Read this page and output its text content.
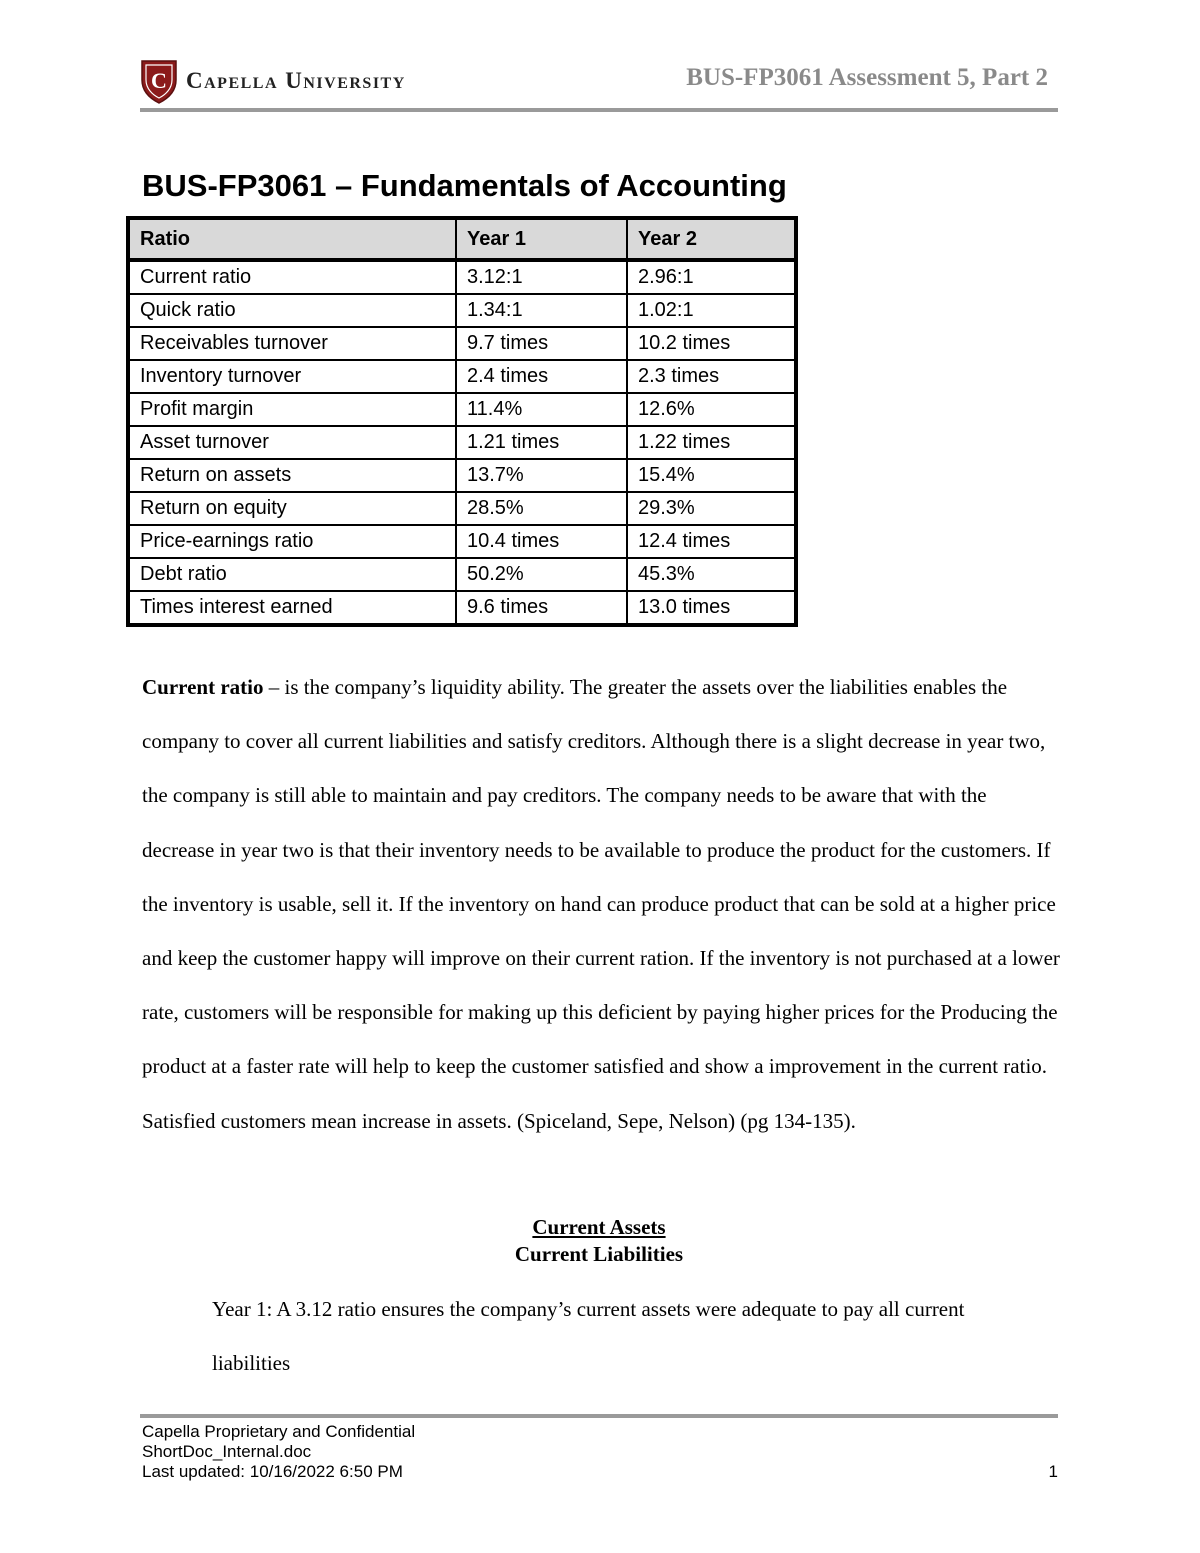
C Capella University	BUS-FP3061 Assessment 5, Part 2
BUS-FP3061 – Fundamentals of Accounting
Ratio	Year 1	Year 2
Current ratio	3.12:1	2.96:1
Quick ratio	1.34:1	1.02:1
Receivables turnover	9.7 times	10.2 times
Inventory turnover	2.4 times	2.3 times
Profit margin	11.4%	12.6%
Asset turnover	1.21 times	1.22 times
Return on assets	13.7%	15.4%
Return on equity	28.5%	29.3%
Price-earnings ratio	10.4 times	12.4 times
Debt ratio	50.2%	45.3%
Times interest earned	9.6 times	13.0 times
Current ratio – is the company’s liquidity ability. The greater the assets over the liabilities enables the company to cover all current liabilities and satisfy creditors. Although there is a slight decrease in year two, the company is still able to maintain and pay creditors. The company needs to be aware that with the decrease in year two is that their inventory needs to be available to produce the product for the customers. If the inventory is usable, sell it. If the inventory on hand can produce product that can be sold at a higher price and keep the customer happy will improve on their current ration. If the inventory is not purchased at a lower rate, customers will be responsible for making up this deficient by paying higher prices for the Producing the product at a faster rate will help to keep the customer satisfied and show a improvement in the current ratio. Satisfied customers mean increase in assets. (Spiceland, Sepe, Nelson) (pg 134-135).
Current Assets
Current Liabilities
Year 1: A 3.12 ratio ensures the company’s current assets were adequate to pay all current liabilities
Capella Proprietary and Confidential
ShortDoc_Internal.doc
Last updated: 10/16/2022 6:50 PM	1
